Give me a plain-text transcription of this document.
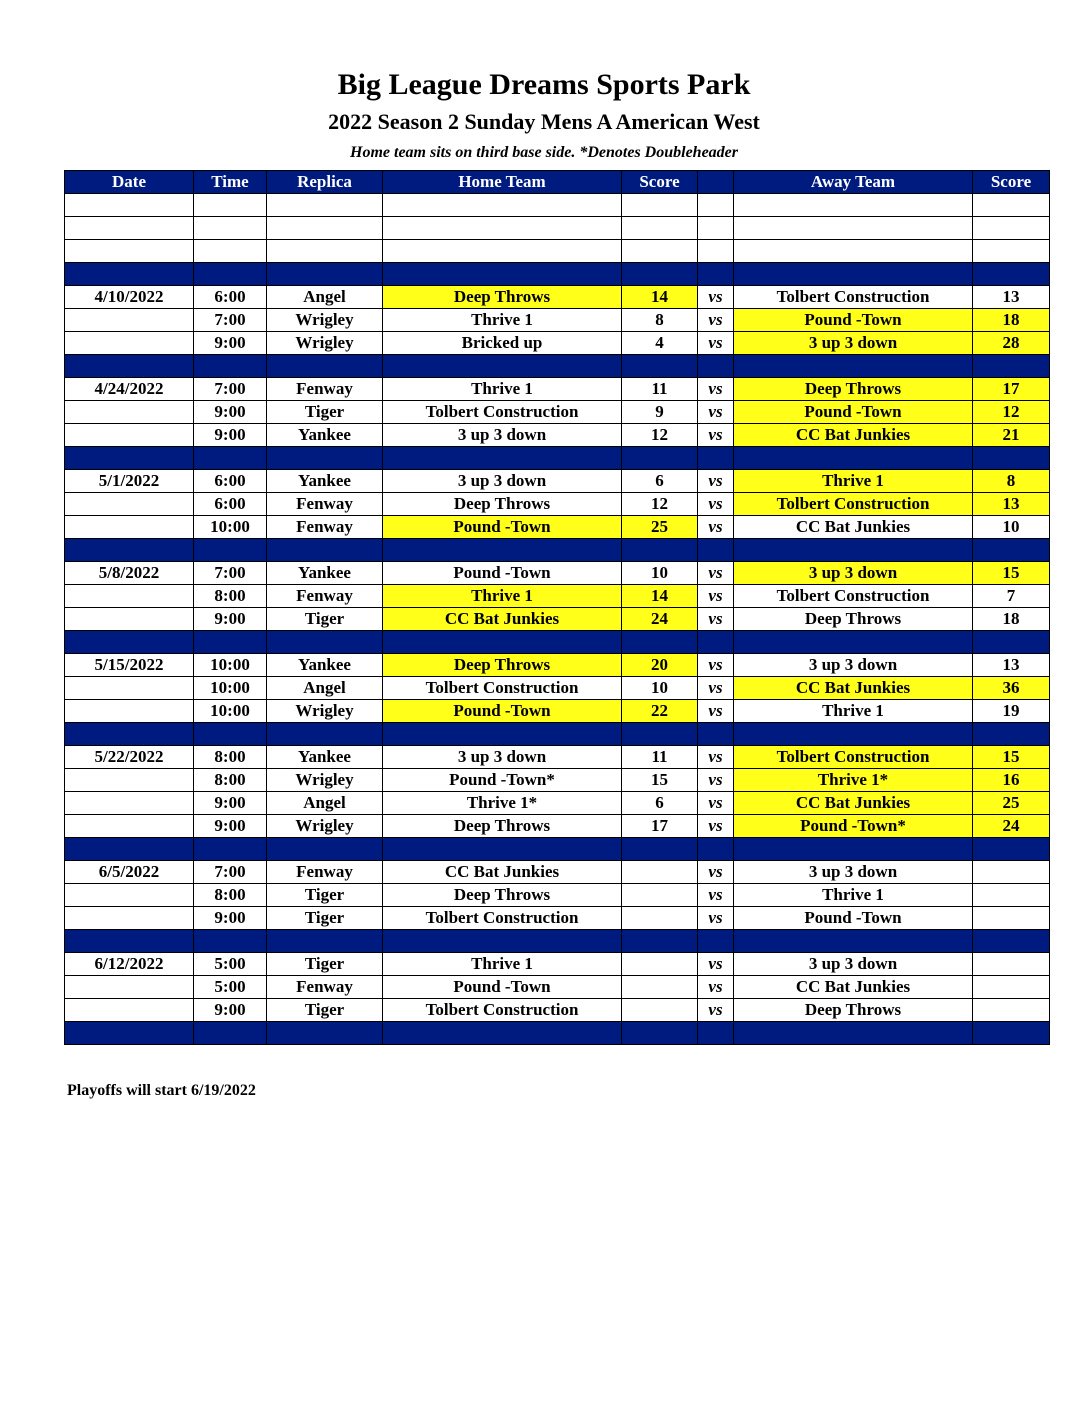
Big League Dreams Sports Park
2022 Season 2 Sunday Mens A American West
Home team sits on third base side. *Denotes Doubleheader
Date	Time	Replica	Home Team	Score		Away Team	Score

4/10/2022	6:00	Angel	Deep Throws	14	vs	Tolbert Construction	13
	7:00	Wrigley	Thrive 1	8	vs	Pound -Town	18
	9:00	Wrigley	Bricked up	4	vs	3 up 3 down	28

4/24/2022	7:00	Fenway	Thrive 1	11	vs	Deep Throws	17
	9:00	Tiger	Tolbert Construction	9	vs	Pound -Town	12
	9:00	Yankee	3 up 3 down	12	vs	CC Bat Junkies	21

5/1/2022	6:00	Yankee	3 up 3 down	6	vs	Thrive 1	8
	6:00	Fenway	Deep Throws	12	vs	Tolbert Construction	13
	10:00	Fenway	Pound -Town	25	vs	CC Bat Junkies	10

5/8/2022	7:00	Yankee	Pound -Town	10	vs	3 up 3 down	15
	8:00	Fenway	Thrive 1	14	vs	Tolbert Construction	7
	9:00	Tiger	CC Bat Junkies	24	vs	Deep Throws	18

5/15/2022	10:00	Yankee	Deep Throws	20	vs	3 up 3 down	13
	10:00	Angel	Tolbert Construction	10	vs	CC Bat Junkies	36
	10:00	Wrigley	Pound -Town	22	vs	Thrive 1	19

5/22/2022	8:00	Yankee	3 up 3 down	11	vs	Tolbert Construction	15
	8:00	Wrigley	Pound -Town*	15	vs	Thrive 1*	16
	9:00	Angel	Thrive 1*	6	vs	CC Bat Junkies	25
	9:00	Wrigley	Deep Throws	17	vs	Pound -Town*	24

6/5/2022	7:00	Fenway	CC Bat Junkies		vs	3 up 3 down	
	8:00	Tiger	Deep Throws		vs	Thrive 1	
	9:00	Tiger	Tolbert Construction		vs	Pound -Town	

6/12/2022	5:00	Tiger	Thrive 1		vs	3 up 3 down	
	5:00	Fenway	Pound -Town		vs	CC Bat Junkies	
	9:00	Tiger	Tolbert Construction		vs	Deep Throws	

Playoffs will start 6/19/2022
